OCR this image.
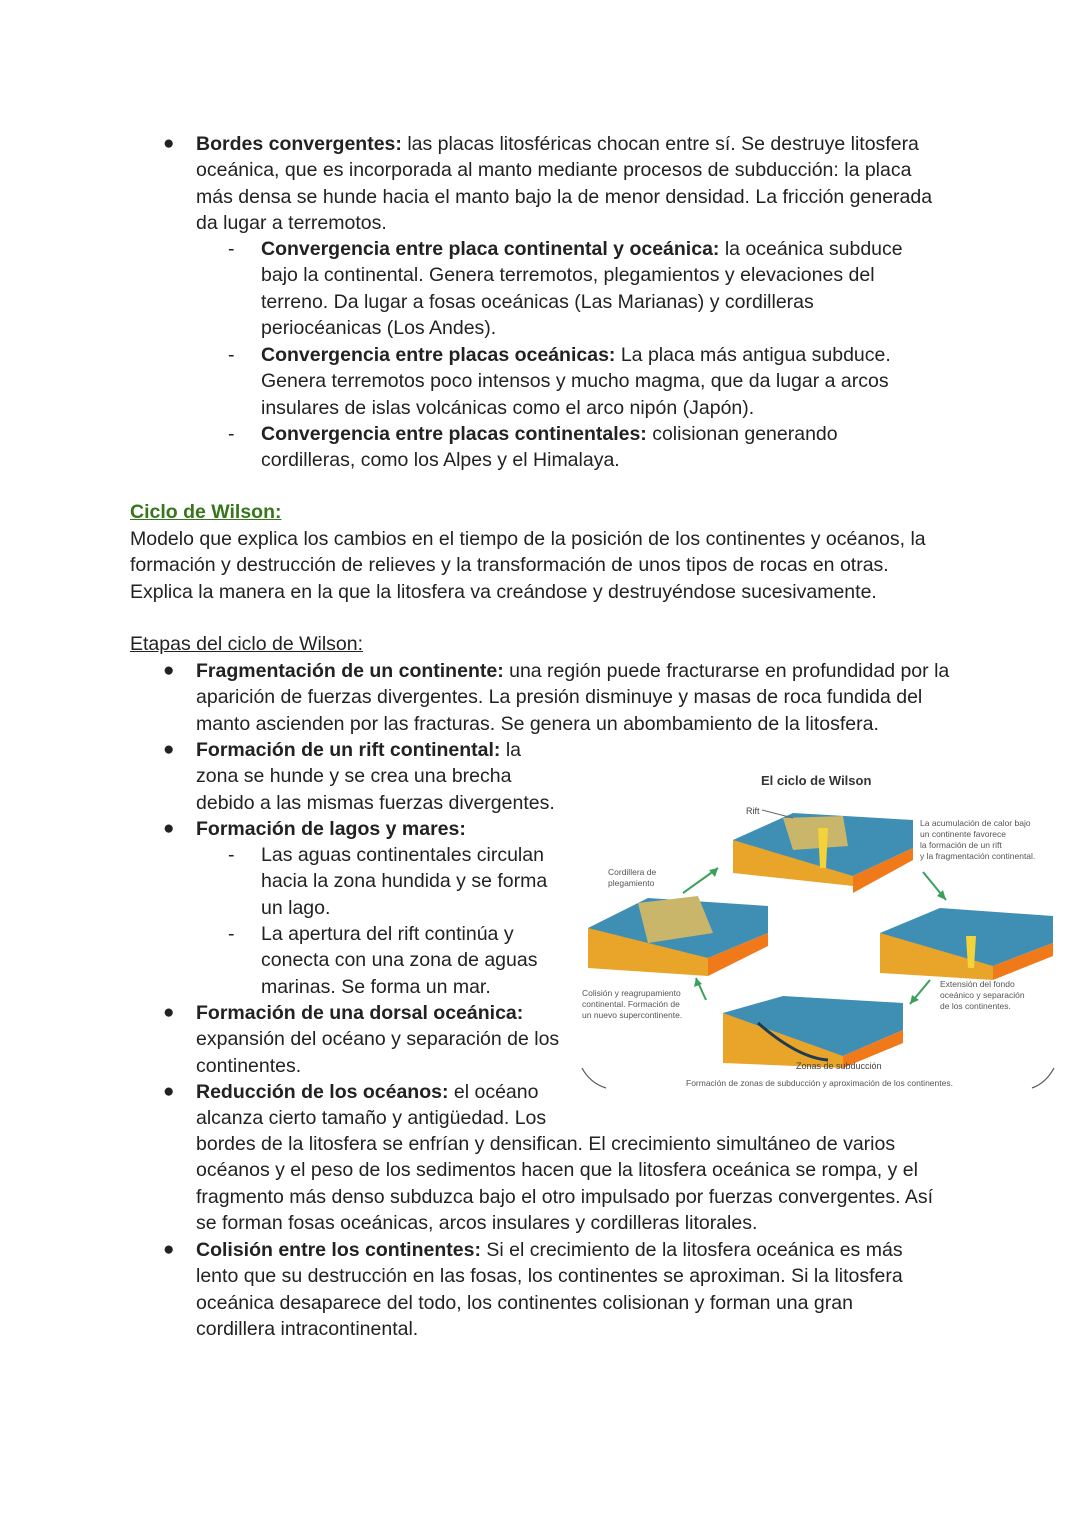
● Bordes convergentes: las placas litosféricas chocan entre sí. Se destruye litosfera oceánica, que es incorporada al manto mediante procesos de subducción: la placa más densa se hunde hacia el manto bajo la de menor densidad. La fricción generada da lugar a terremotos.

- Convergencia entre placa continental y oceánica: la oceánica subduce bajo la continental. Genera terremotos, plegamientos y elevaciones del terreno. Da lugar a fosas oceánicas (Las Marianas) y cordilleras periocéanicas (Los Andes).

- Convergencia entre placas oceánicas: La placa más antigua subduce. Genera terremotos poco intensos y mucho magma, que da lugar a arcos insulares de islas volcánicas como el arco nipón (Japón).

- Convergencia entre placas continentales: colisionan generando cordilleras, como los Alpes y el Himalaya.

Ciclo de Wilson:

Modelo que explica los cambios en el tiempo de la posición de los continentes y océanos, la formación y destrucción de relieves y la transformación de unos tipos de rocas en otras. Explica la manera en la que la litosfera va creándose y destruyéndose sucesivamente.

Etapas del ciclo de Wilson:
● Fragmentación de un continente: una región puede fracturarse en profundidad por la aparición de fuerzas divergentes. La presión disminuye y masas de roca fundida del manto ascienden por las fracturas. Se genera un abombamiento de la litosfera.

● Formación de un rift continental: la zona se hunde y se crea una brecha debido a las mismas fuerzas divergentes.

● Formación de lagos y mares:

- Las aguas continentales circulan hacia la zona hundida y se forma un lago.

- La apertura del rift continúa y conecta con una zona de aguas marinas. Se forma un mar.

● Formación de una dorsal oceánica: expansión del océano y separación de los continentes.

● Reducción de los océanos: el océano alcanza cierto tamaño y antigüedad. Los

bordes de la litosfera se enfrían y densifican. El crecimiento simultáneo de varios océanos y el peso de los sedimentos hacen que la litosfera oceánica se rompa, y el fragmento más denso subduzca bajo el otro impulsado por fuerzas convergentes. Así se forman fosas oceánicas, arcos insulares y cordilleras litorales.

● Colisión entre los continentes: Si el crecimiento de la litosfera oceánica es más lento que su destrucción en las fosas, los continentes se aproximan. Si la litosfera oceánica desaparece del todo, los continentes colisionan y forman una gran cordillera intracontinental.

El ciclo de Wilson
Rift
La acumulación de calor bajo un continente favorece la formación de un rift y la fragmentación continental.
Cordillera de plegamiento
Extensión del fondo oceánico y separación de los continentes.
Zonas de subducción
Colisión y reagrupamiento continental. Formación de un nuevo supercontinente.
Formación de zonas de subducción y aproximación de los continentes.
